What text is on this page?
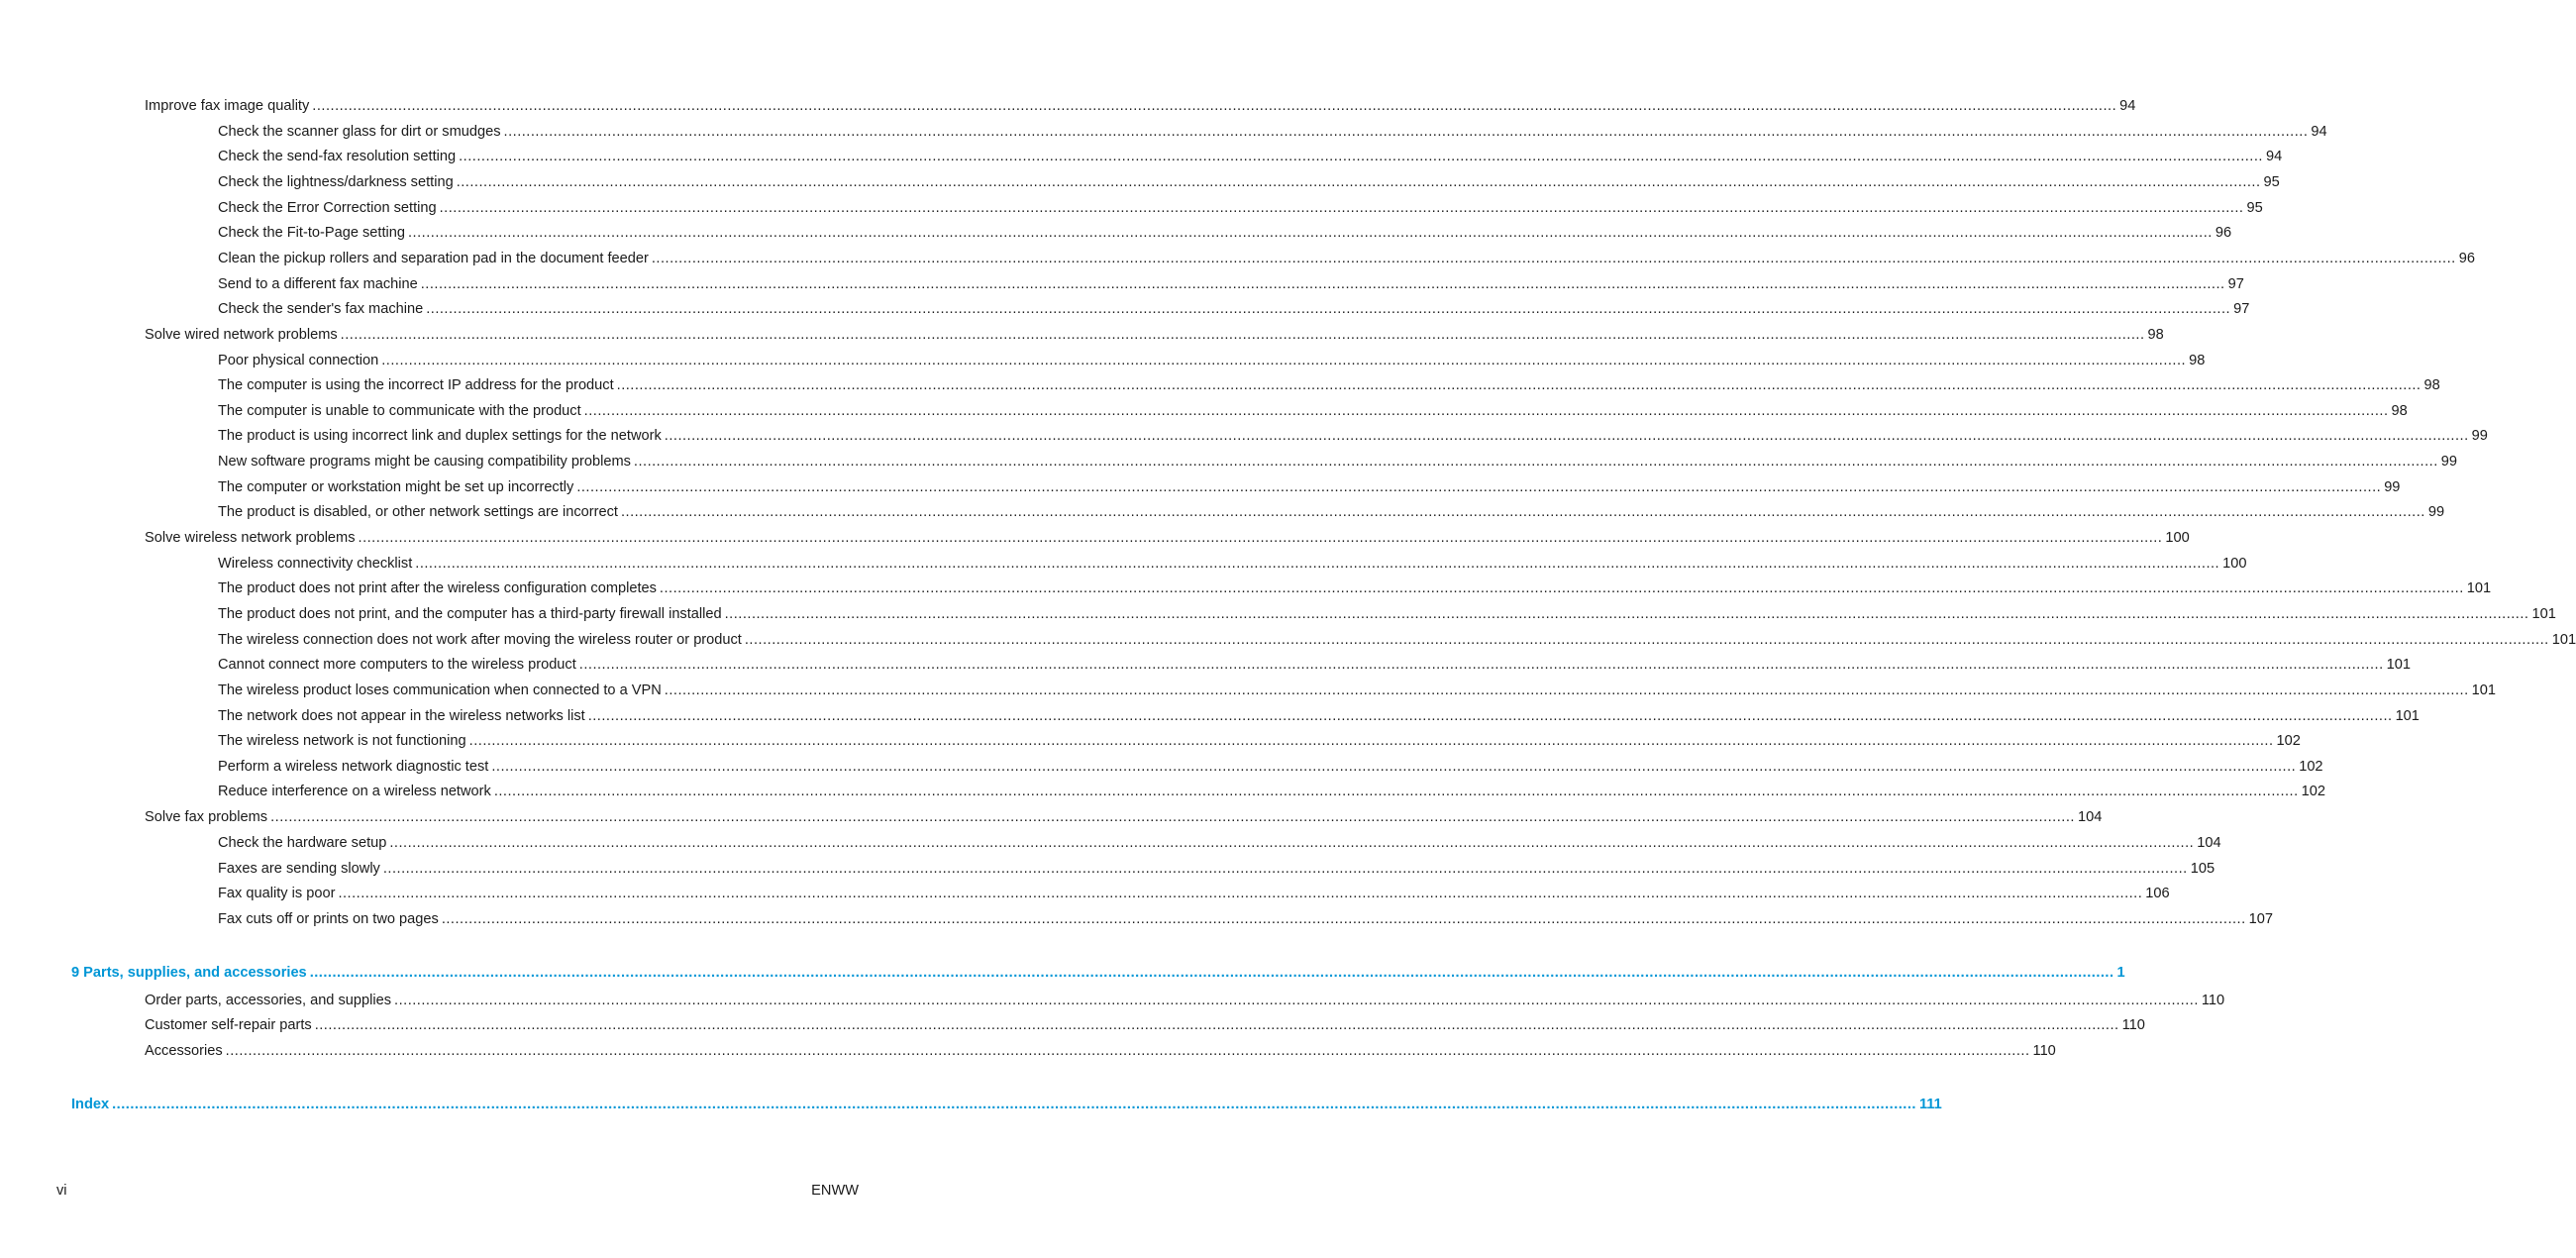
Improve fax image quality ................................................................................................................................................................................................................................................................................................................................................................................................................ 94
Check the scanner glass for dirt or smudges ................................................................................................................................................................................................................................................................................................................................................................................................................ 94
Check the send-fax resolution setting ................................................................................................................................................................................................................................................................................................................................................................................................................ 94
Check the lightness/darkness setting ................................................................................................................................................................................................................................................................................................................................................................................................................ 95
Check the Error Correction setting ................................................................................................................................................................................................................................................................................................................................................................................................................ 95
Check the Fit-to-Page setting ................................................................................................................................................................................................................................................................................................................................................................................................................ 96
Clean the pickup rollers and separation pad in the document feeder ................................................................................................................................................................................................................................................................................................................................................................................................................ 96
Send to a different fax machine ................................................................................................................................................................................................................................................................................................................................................................................................................ 97
Check the sender's fax machine ................................................................................................................................................................................................................................................................................................................................................................................................................ 97
Solve wired network problems ................................................................................................................................................................................................................................................................................................................................................................................................................ 98
Poor physical connection ................................................................................................................................................................................................................................................................................................................................................................................................................ 98
The computer is using the incorrect IP address for the product ................................................................................................................................................................................................................................................................................................................................................................................................................ 98
The computer is unable to communicate with the product ................................................................................................................................................................................................................................................................................................................................................................................................................ 98
The product is using incorrect link and duplex settings for the network ................................................................................................................................................................................................................................................................................................................................................................................................................ 99
New software programs might be causing compatibility problems ................................................................................................................................................................................................................................................................................................................................................................................................................ 99
The computer or workstation might be set up incorrectly ................................................................................................................................................................................................................................................................................................................................................................................................................ 99
The product is disabled, or other network settings are incorrect ................................................................................................................................................................................................................................................................................................................................................................................................................ 99
Solve wireless network problems ................................................................................................................................................................................................................................................................................................................................................................................................................ 100
Wireless connectivity checklist ................................................................................................................................................................................................................................................................................................................................................................................................................ 100
The product does not print after the wireless configuration completes ................................................................................................................................................................................................................................................................................................................................................................................................................ 101
The product does not print, and the computer has a third-party firewall installed ................................................................................................................................................................................................................................................................................................................................................................................................................ 101
The wireless connection does not work after moving the wireless router or product ................................................................................................................................................................................................................................................................................................................................................................................................................ 101
Cannot connect more computers to the wireless product ................................................................................................................................................................................................................................................................................................................................................................................................................ 101
The wireless product loses communication when connected to a VPN ................................................................................................................................................................................................................................................................................................................................................................................................................ 101
The network does not appear in the wireless networks list ................................................................................................................................................................................................................................................................................................................................................................................................................ 101
The wireless network is not functioning ................................................................................................................................................................................................................................................................................................................................................................................................................ 102
Perform a wireless network diagnostic test ................................................................................................................................................................................................................................................................................................................................................................................................................ 102
Reduce interference on a wireless network ................................................................................................................................................................................................................................................................................................................................................................................................................ 102
Solve fax problems ................................................................................................................................................................................................................................................................................................................................................................................................................ 104
Check the hardware setup ................................................................................................................................................................................................................................................................................................................................................................................................................ 104
Faxes are sending slowly ................................................................................................................................................................................................................................................................................................................................................................................................................ 105
Fax quality is poor ................................................................................................................................................................................................................................................................................................................................................................................................................ 106
Fax cuts off or prints on two pages ................................................................................................................................................................................................................................................................................................................................................................................................................ 107
9 Parts, supplies, and accessories ................................................................................................................................................................................................................................................................................................................................................................................................................ 1
Order parts, accessories, and supplies ................................................................................................................................................................................................................................................................................................................................................................................................................ 110
Customer self-repair parts ................................................................................................................................................................................................................................................................................................................................................................................................................ 110
Accessories ................................................................................................................................................................................................................................................................................................................................................................................................................ 110
Index ................................................................................................................................................................................................................................................................................................................................................................................................................ 111
vi	ENWW
